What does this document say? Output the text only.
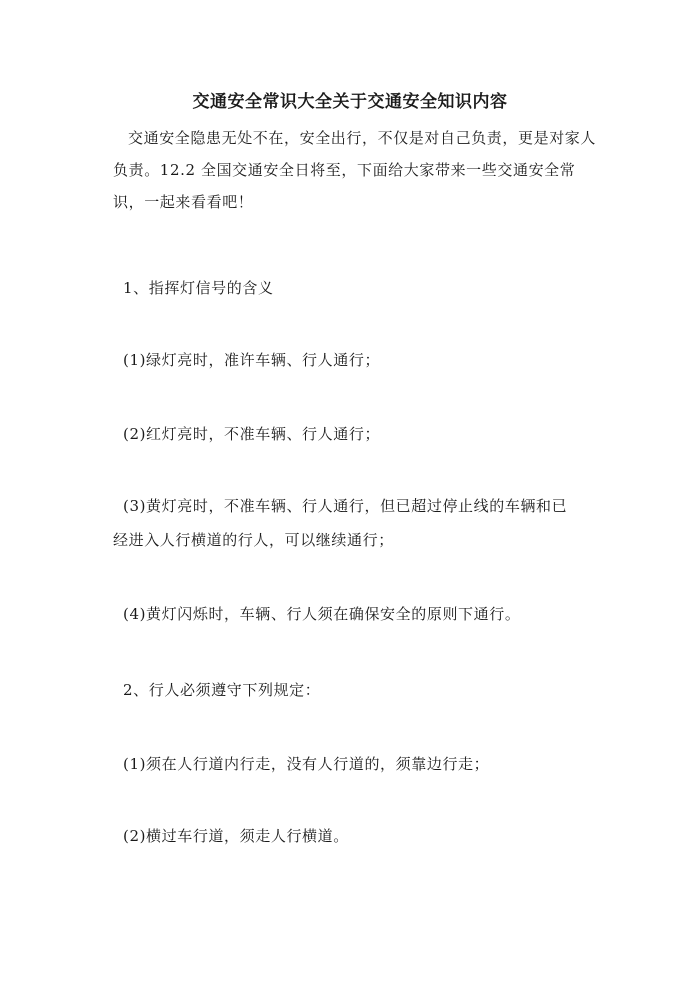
交通安全常识大全关于交通安全知识内容

交通安全隐患无处不在，安全出行，不仅是对自己负责，更是对家人负责。12.2 全国交通安全日将至，下面给大家带来一些交通安全常识，一起来看看吧！

1、指挥灯信号的含义

(1)绿灯亮时，准许车辆、行人通行；

(2)红灯亮时，不准车辆、行人通行；

(3)黄灯亮时，不准车辆、行人通行，但已超过停止线的车辆和已

经进入人行横道的行人，可以继续通行；

(4)黄灯闪烁时，车辆、行人须在确保安全的原则下通行。

2、行人必须遵守下列规定：

(1)须在人行道内行走，没有人行道的，须靠边行走；

(2)横过车行道，须走人行横道。
